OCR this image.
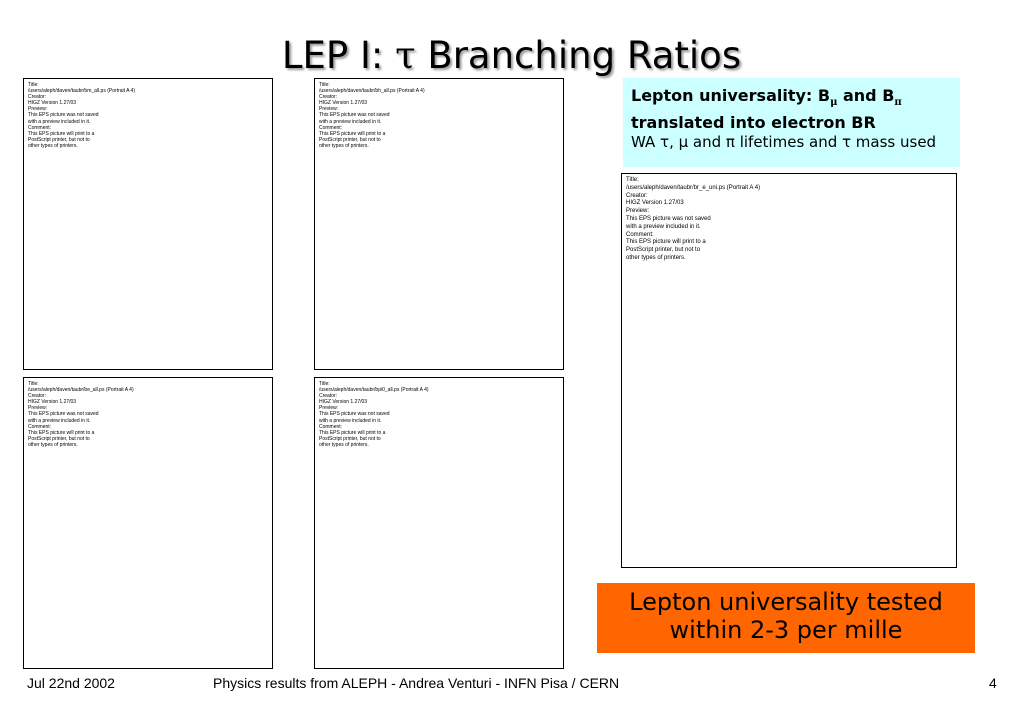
LEP I: τ Branching Ratios
Title:
/users/aleph/daven/taubr/bm_all.ps (Portrait A 4)
Creator:
HIGZ Version 1.27/03
Preview:
This EPS picture was not saved
with a preview included in it.
Comment:
This EPS picture will print to a
PostScript printer, but not to
other types of printers.
Title:
/users/aleph/daven/taubr/bh_all.ps (Portrait A 4)
Creator:
HIGZ Version 1.27/03
Preview:
This EPS picture was not saved
with a preview included in it.
Comment:
This EPS picture will print to a
PostScript printer, but not to
other types of printers.
Title:
/users/aleph/daven/taubr/be_all.ps (Portrait A 4)
Creator:
HIGZ Version 1.27/03
Preview:
This EPS picture was not saved
with a preview included in it.
Comment:
This EPS picture will print to a
PostScript printer, but not to
other types of printers.
Title:
/users/aleph/daven/taubr/bpi0_all.ps (Portrait A 4)
Creator:
HIGZ Version 1.27/03
Preview:
This EPS picture was not saved
with a preview included in it.
Comment:
This EPS picture will print to a
PostScript printer, but not to
other types of printers.
Title:
/users/aleph/daven/taubr/br_e_uni.ps (Portrait A 4)
Creator:
HIGZ Version 1.27/03
Preview:
This EPS picture was not saved
with a preview included in it.
Comment:
This EPS picture will print to a
PostScript printer, but not to
other types of printers.
Lepton universality: $B_\mu$ and $B_\pi$
translated into electron BR
WA τ, μ and π lifetimes and τ mass used
Lepton universality tested
within 2-3 per mille
Jul 22nd 2002	Physics results from ALEPH - Andrea Venturi - INFN Pisa / CERN	4
